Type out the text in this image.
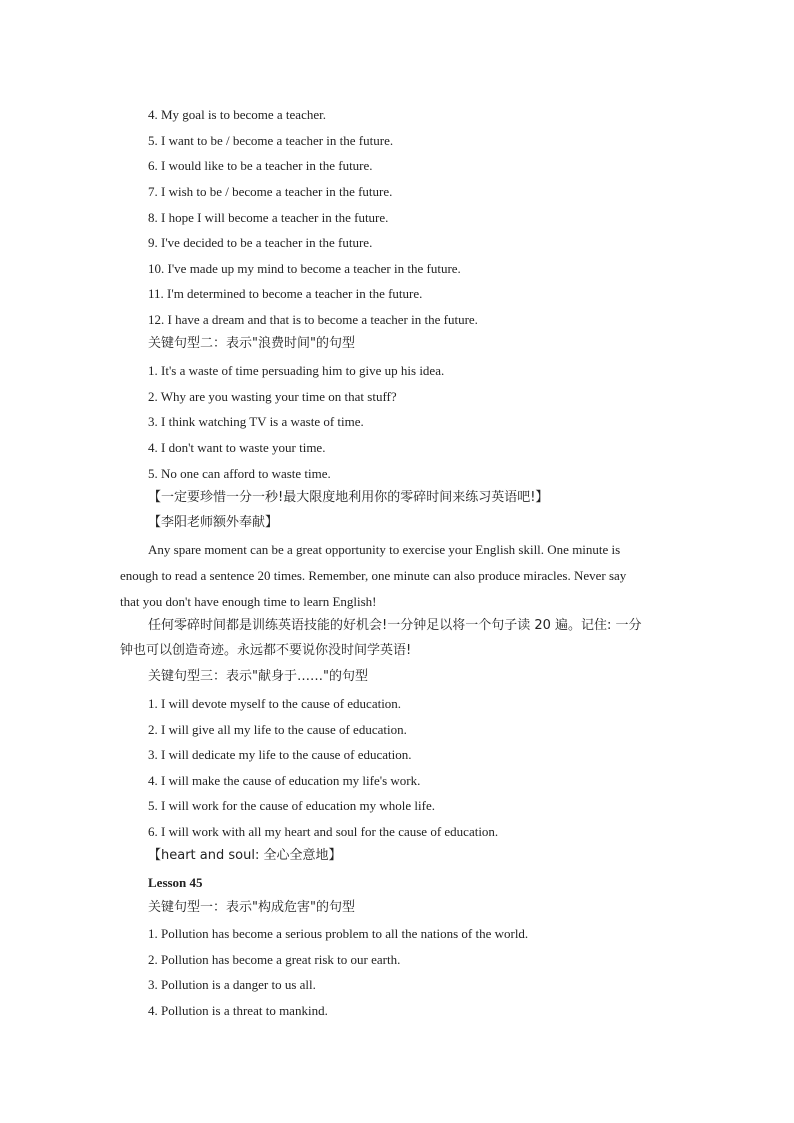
4. My goal is to become a teacher.
5. I want to be / become a teacher in the future.
6. I would like to be a teacher in the future.
7. I wish to be / become a teacher in the future.
8. I hope I will become a teacher in the future.
9. I've decided to be a teacher in the future.
10. I've made up my mind to become a teacher in the future.
11. I'm determined to become a teacher in the future.
12. I have a dream and that is to become a teacher in the future.
关键句型二：表示"浪费时间"的句型
1. It's a waste of time persuading him to give up his idea.
2. Why are you wasting your time on that stuff?
3. I think watching TV is a waste of time.
4. I don't want to waste your time.
5. No one can afford to waste time.
【一定要珍惜一分一秒!最大限度地利用你的零碎时间来练习英语吧!】
【李阳老师额外奉献】
Any spare moment can be a great opportunity to exercise your English skill. One minute is
enough to read a sentence 20 times. Remember, one minute can also produce miracles. Never say
that you don't have enough time to learn English!
任何零碎时间都是训练英语技能的好机会!一分钟足以将一个句子读 20 遍。记住: 一分
钟也可以创造奇迹。永远都不要说你没时间学英语!
关键句型三：表示"献身于……"的句型
1. I will devote myself to the cause of education.
2. I will give all my life to the cause of education.
3. I will dedicate my life to the cause of education.
4. I will make the cause of education my life's work.
5. I will work for the cause of education my whole life.
6. I will work with all my heart and soul for the cause of education.
【heart and soul: 全心全意地】
Lesson 45
关键句型一：表示"构成危害"的句型
1. Pollution has become a serious problem to all the nations of the world.
2. Pollution has become a great risk to our earth.
3. Pollution is a danger to us all.
4. Pollution is a threat to mankind.
